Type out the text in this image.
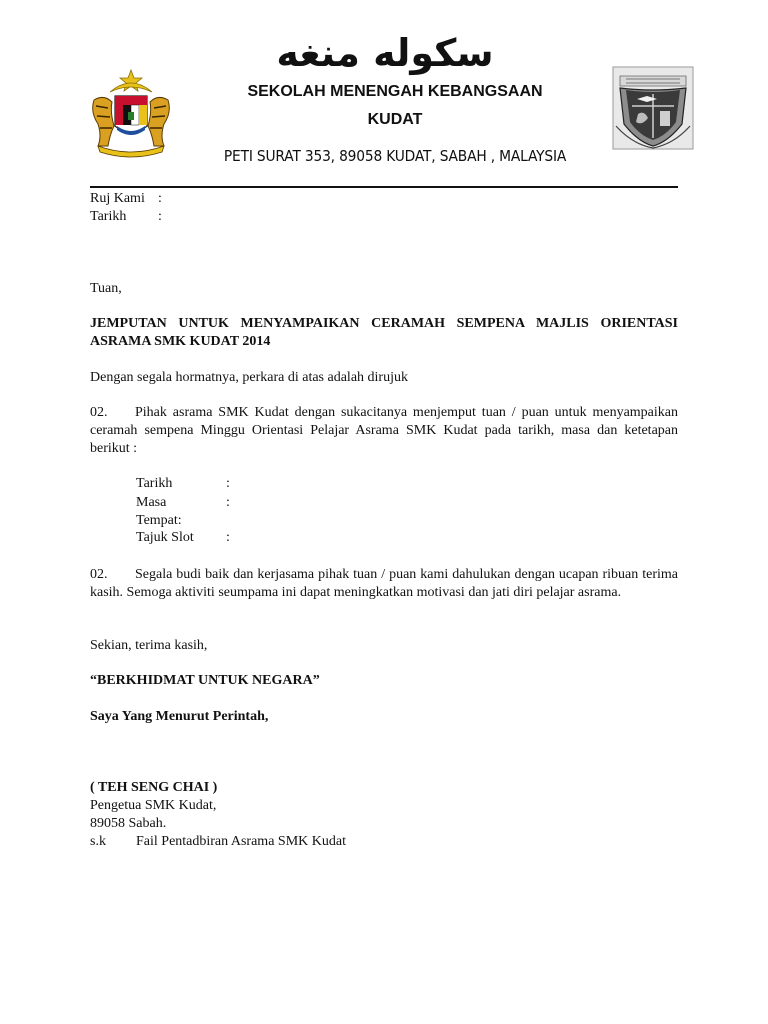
سکوله منغه
SEKOLAH MENENGAH KEBANGSAAN
KUDAT
PETI SURAT 353, 89058 KUDAT, SABAH , MALAYSIA
Ruj Kami :
Tarikh :
Tuan,
JEMPUTAN UNTUK MENYAMPAIKAN CERAMAH SEMPENA MAJLIS ORIENTASI ASRAMA SMK KUDAT 2014
Dengan segala hormatnya, perkara di atas adalah dirujuk
02. Pihak asrama SMK Kudat dengan sukacitanya menjemput tuan / puan untuk menyampaikan ceramah sempena Minggu Orientasi Pelajar Asrama SMK Kudat pada tarikh, masa dan ketetapan berikut :
Tarikh	:
Masa	:
Tempat:
Tajuk Slot :
02. Segala budi baik dan kerjasama pihak tuan / puan kami dahulukan dengan ucapan ribuan terima kasih. Semoga aktiviti seumpama ini dapat meningkatkan motivasi dan jati diri pelajar asrama.
Sekian, terima kasih,
“BERKHIDMAT UNTUK NEGARA”
Saya Yang Menurut Perintah,
( TEH SENG CHAI )
Pengetua SMK Kudat,
89058 Sabah.
s.k Fail Pentadbiran Asrama SMK Kudat
